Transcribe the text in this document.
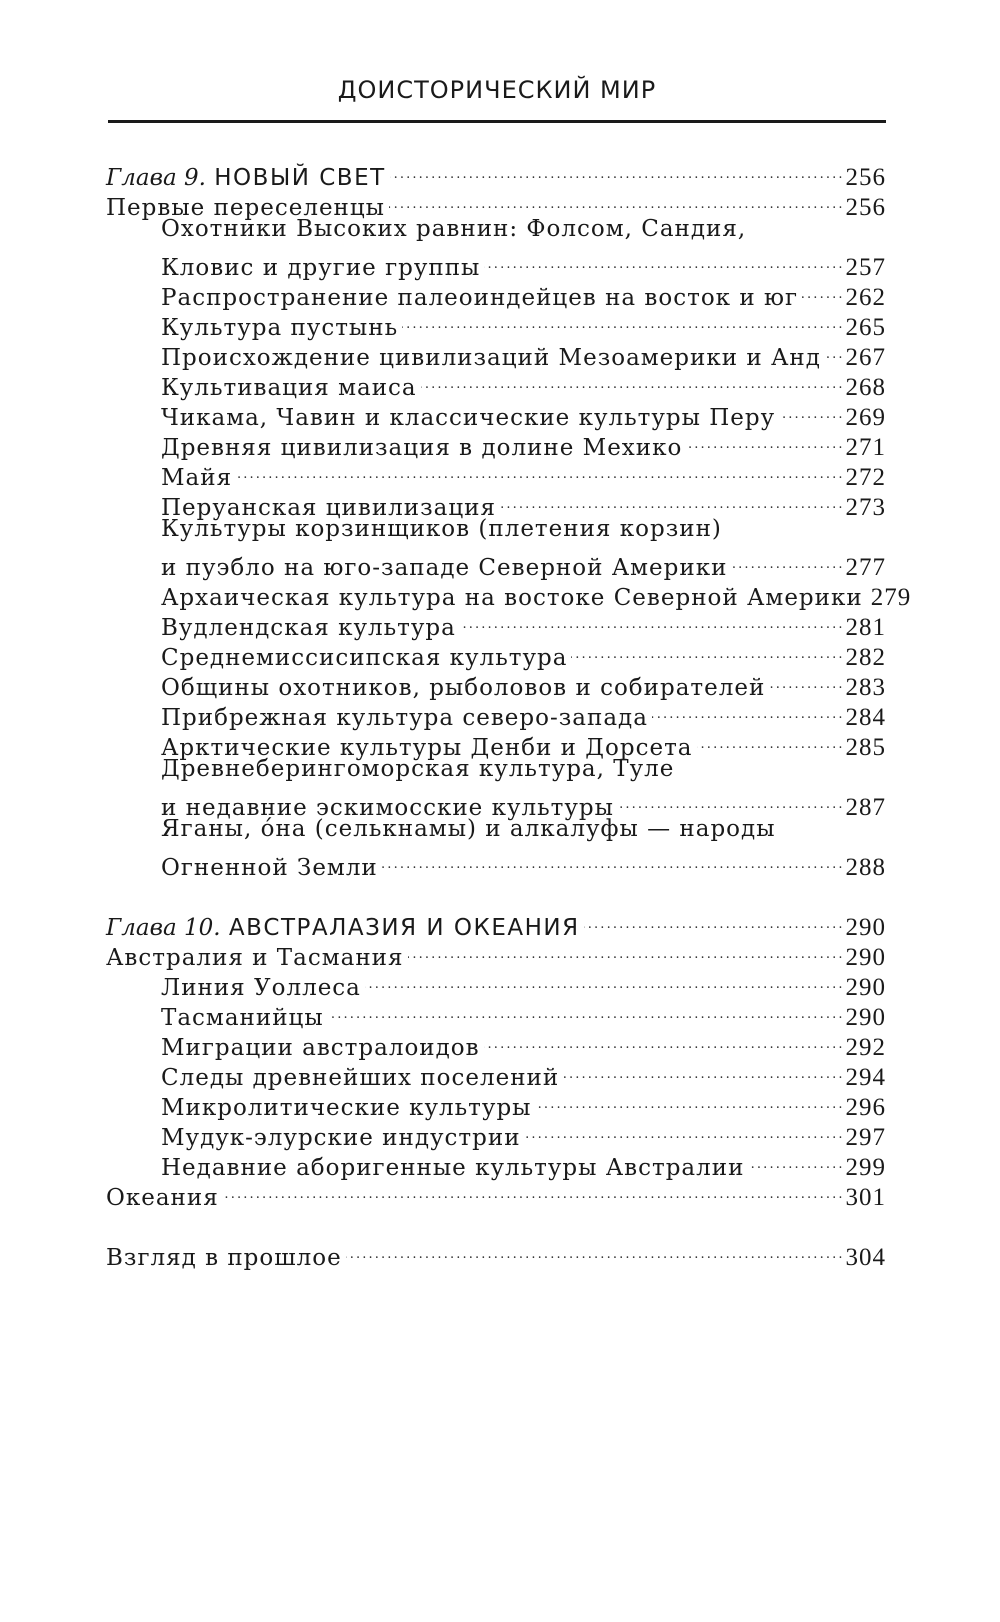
ДОИСТОРИЧЕСКИЙ МИР
Глава 9. НОВЫЙ СВЕТ . . .	256
Первые переселенцы . . .	256
Охотники Высоких равнин: Фолсом, Сандия,
Кловис и другие группы . . .	257
Распространение палеоиндейцев на восток и юг . . . 262
Культура пустынь . . .	265
Происхождение цивилизаций Мезоамерики и Анд . . . 267
Культивация маиса . . .	268
Чикама, Чавин и классические культуры Перу . . .	269
Древняя цивилизация в долине Мехико . . .	271
Майя . . .	272
Перуанская цивилизация . . .	273
Культуры корзинщиков (плетения корзин)
и пуэбло на юго-западе Северной Америки . . .	277
Архаическая культура на востоке Северной Америки 279
Вудлендская культура . . .	281
Среднемиссисипская культура . . .	282
Общины охотников, рыболовов и собирателей . . .	283
Прибрежная культура северо-запада . . .	284
Арктические культуры Денби и Дорсета . . .	285
Древнеберингоморская культура, Туле
и недавние эскимосские культуры . . .	287
Яганы, óна (селькнамы) и алкалуфы — народы
Огненной Земли . . .	288
Глава 10. АВСТРАЛАЗИЯ И ОКЕАНИЯ . . .	290
Австралия и Тасмания . . .	290
Линия Уоллеса . . .	290
Тасманийцы . . .	290
Миграции австралоидов . . .	292
Следы древнейших поселений . . .	294
Микролитические культуры . . .	296
Мудук-элурские индустрии . . .	297
Недавние аборигенные культуры Австралии . . .	299
Океания . . .	301
Взгляд в прошлое . . .	304
